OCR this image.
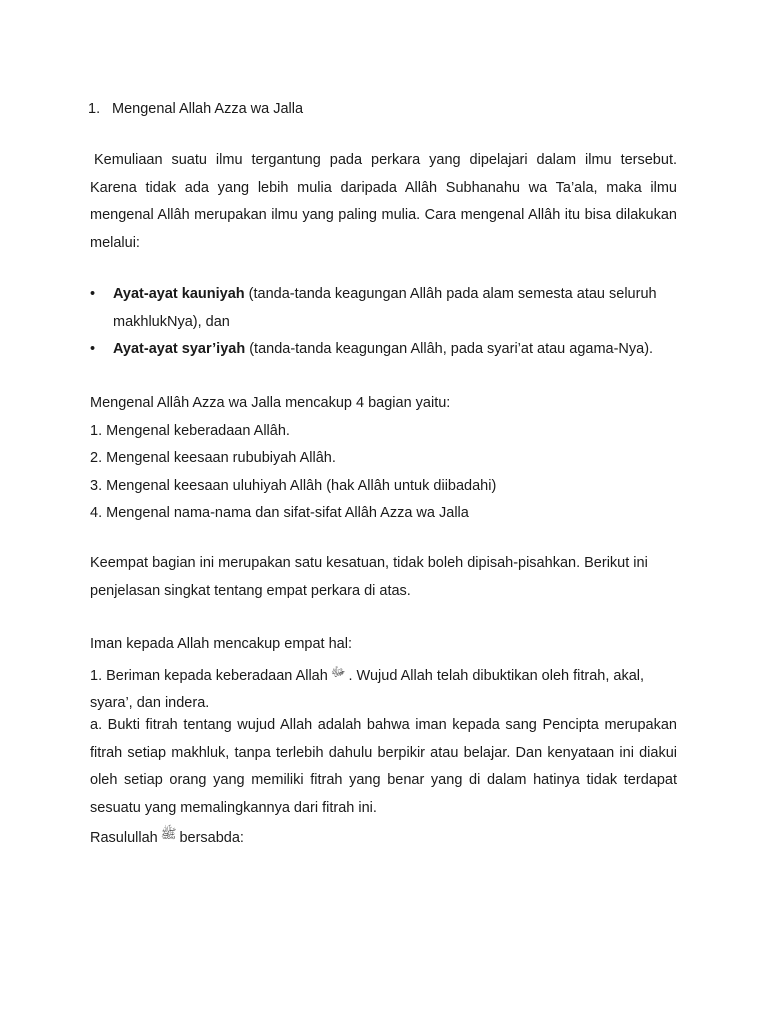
1. Mengenal Allah Azza wa Jalla

Kemuliaan suatu ilmu tergantung pada perkara yang dipelajari dalam ilmu tersebut. Karena tidak ada yang lebih mulia daripada Allâh Subhanahu wa Ta’ala, maka ilmu mengenal Allâh merupakan ilmu yang paling mulia. Cara mengenal Allâh itu bisa dilakukan melalui:

• Ayat-ayat kauniyah (tanda-tanda keagungan Allâh pada alam semesta atau seluruh makhlukNya), dan
• Ayat-ayat syar’iyah (tanda-tanda keagungan Allâh, pada syari’at atau agama-Nya).
Mengenal Allâh Azza wa Jalla mencakup 4 bagian yaitu:
1. Mengenal keberadaan Allâh.
2. Mengenal keesaan rububiyah Allâh.
3. Mengenal keesaan uluhiyah Allâh (hak Allâh untuk diibadahi)
4. Mengenal nama-nama dan sifat-sifat Allâh Azza wa Jalla
Keempat bagian ini merupakan satu kesatuan, tidak boleh dipisah-pisahkan. Berikut ini
penjelasan singkat tentang empat perkara di atas.
Iman kepada Allah mencakup empat hal:
1. Beriman kepada keberadaan Allah ﷻ . Wujud Allah telah dibuktikan oleh fitrah, akal,
syara’, dan indera.

a. Bukti fitrah tentang wujud Allah adalah bahwa iman kepada sang Pencipta merupakan fitrah setiap makhluk, tanpa terlebih dahulu berpikir atau belajar. Dan kenyataan ini diakui oleh setiap orang yang memiliki fitrah yang benar yang di dalam hatinya tidak terdapat sesuatu yang memalingkannya dari fitrah ini.

Rasulullah ﷺ bersabda:
